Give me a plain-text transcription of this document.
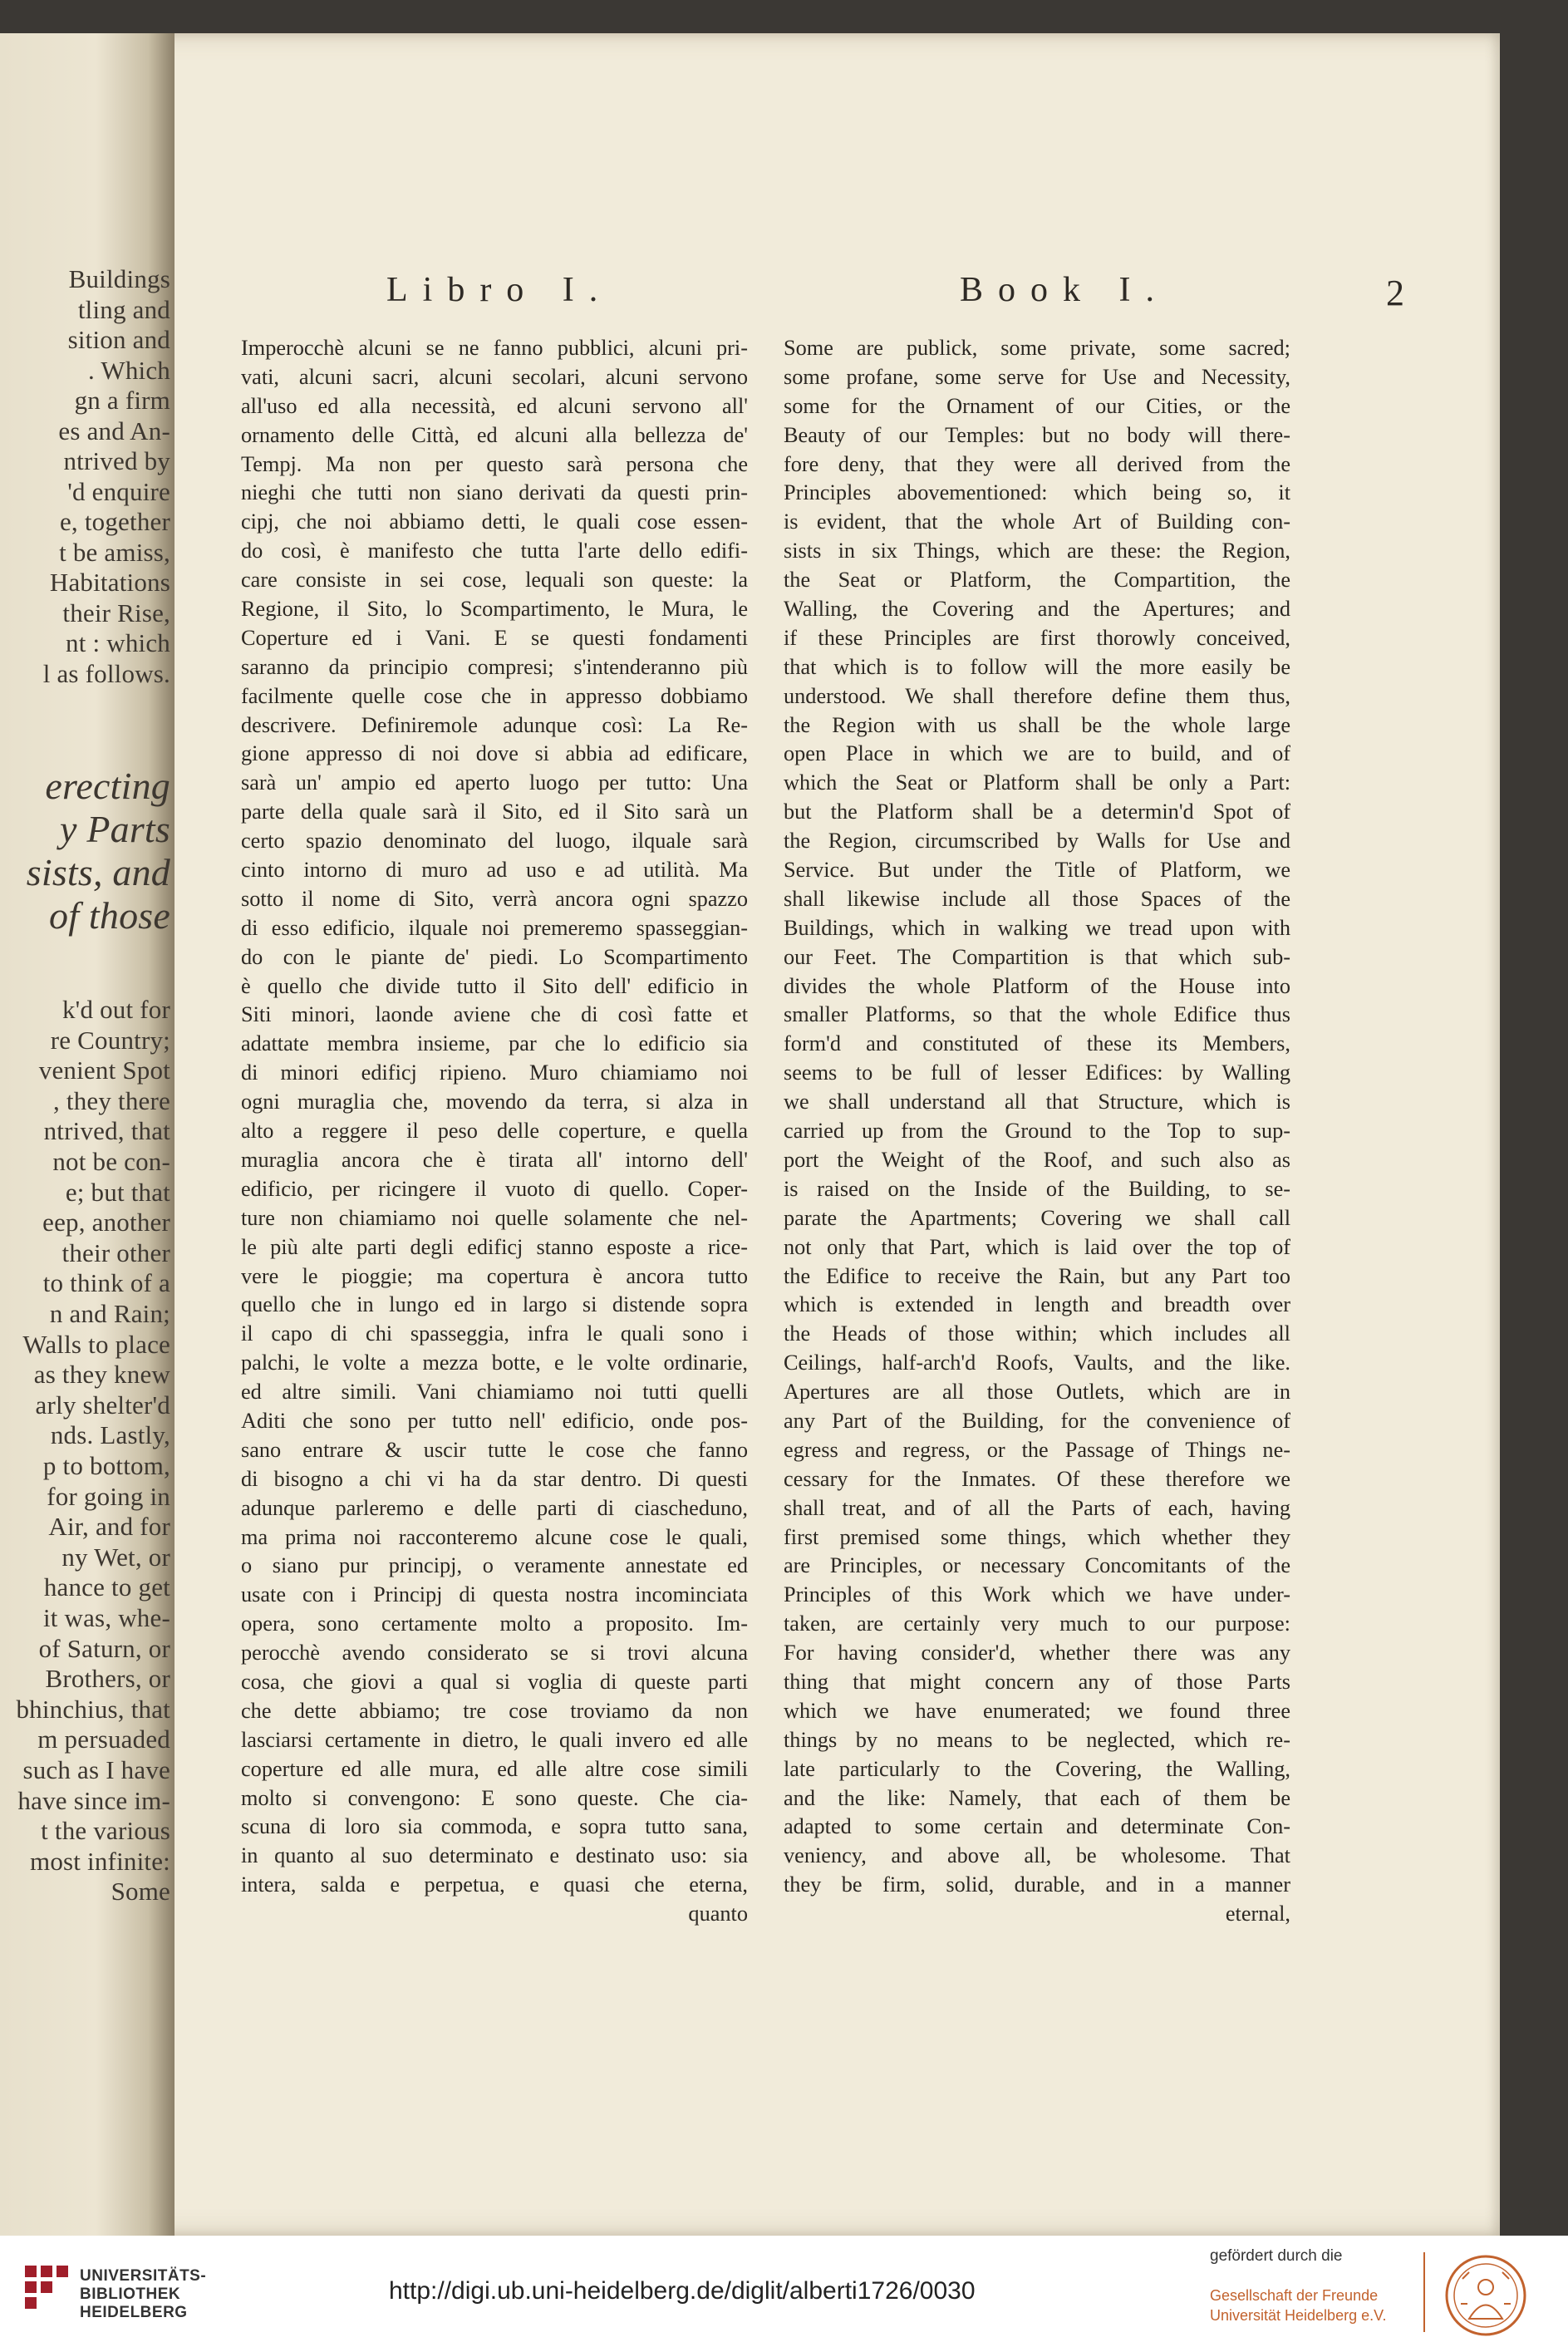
Libro I.	Book I.	2
Imperocchè alcuni se ne fanno pubblici, alcuni pri-
vati, alcuni sacri, alcuni secolari, alcuni servono
all'uso ed alla necessità, ed alcuni servono all'
ornamento delle Città, ed alcuni alla bellezza de'
Tempj. Ma non per questo sarà persona che
nieghi che tutti non siano derivati da questi prin-
cipj, che noi abbiamo detti, le quali cose essen-
do così, è manifesto che tutta l'arte dello edifi-
care consiste in sei cose, lequali son queste: la
Regione, il Sito, lo Scompartimento, le Mura, le
Coperture ed i Vani. E se questi fondamenti
saranno da principio compresi; s'intenderanno più
facilmente quelle cose che in appresso dobbiamo
descrivere. Definiremole adunque così: La Re-
gione appresso di noi dove si abbia ad edificare,
sarà un' ampio ed aperto luogo per tutto: Una
parte della quale sarà il Sito, ed il Sito sarà un
certo spazio denominato del luogo, ilquale sarà
cinto intorno di muro ad uso e ad utilità. Ma
sotto il nome di Sito, verrà ancora ogni spazzo
di esso edificio, ilquale noi premeremo spasseggian-
do con le piante de' piedi. Lo Scompartimento
è quello che divide tutto il Sito dell' edificio in
Siti minori, laonde aviene che di così fatte et
adattate membra insieme, par che lo edificio sia
di minori edificj ripieno. Muro chiamiamo noi
ogni muraglia che, movendo da terra, si alza in
alto a reggere il peso delle coperture, e quella
muraglia ancora che è tirata all' intorno dell'
edificio, per ricingere il vuoto di quello. Coper-
ture non chiamiamo noi quelle solamente che nel-
le più alte parti degli edificj stanno esposte a rice-
vere le pioggie; ma copertura è ancora tutto
quello che in lungo ed in largo si distende sopra
il capo di chi spasseggia, infra le quali sono i
palchi, le volte a mezza botte, e le volte ordinarie,
ed altre simili. Vani chiamiamo noi tutti quelli
Aditi che sono per tutto nell' edificio, onde pos-
sano entrare & uscir tutte le cose che fanno
di bisogno a chi vi ha da star dentro. Di questi
adunque parleremo e delle parti di ciascheduno,
ma prima noi racconteremo alcune cose le quali,
o siano pur principj, o veramente annestate ed
usate con i Principj di questa nostra incominciata
opera, sono certamente molto a proposito. Im-
perocchè avendo considerato se si trovi alcuna
cosa, che giovi a qual si voglia di queste parti
che dette abbiamo; tre cose troviamo da non
lasciarsi certamente in dietro, le quali invero ed alle
coperture ed alle mura, ed alle altre cose simili
molto si convengono: E sono queste. Che cia-
scuna di loro sia commoda, e sopra tutto sana,
in quanto al suo determinato e destinato uso: sia
intera, salda e perpetua, e quasi che eterna,
quanto
Some are publick, some private, some sacred;
some profane, some serve for Use and Necessity,
some for the Ornament of our Cities, or the
Beauty of our Temples: but no body will there-
fore deny, that they were all derived from the
Principles abovementioned: which being so, it
is evident, that the whole Art of Building con-
sists in six Things, which are these: the Region,
the Seat or Platform, the Compartition, the
Walling, the Covering and the Apertures; and
if these Principles are first thorowly conceived,
that which is to follow will the more easily be
understood. We shall therefore define them thus,
the Region with us shall be the whole large
open Place in which we are to build, and of
which the Seat or Platform shall be only a Part:
but the Platform shall be a determin'd Spot of
the Region, circumscribed by Walls for Use and
Service. But under the Title of Platform, we
shall likewise include all those Spaces of the
Buildings, which in walking we tread upon with
our Feet. The Compartition is that which sub-
divides the whole Platform of the House into
smaller Platforms, so that the whole Edifice thus
form'd and constituted of these its Members,
seems to be full of lesser Edifices: by Walling
we shall understand all that Structure, which is
carried up from the Ground to the Top to sup-
port the Weight of the Roof, and such also as
is raised on the Inside of the Building, to se-
parate the Apartments; Covering we shall call
not only that Part, which is laid over the top of
the Edifice to receive the Rain, but any Part too
which is extended in length and breadth over
the Heads of those within; which includes all
Ceilings, half-arch'd Roofs, Vaults, and the like.
Apertures are all those Outlets, which are in
any Part of the Building, for the convenience of
egress and regress, or the Passage of Things ne-
cessary for the Inmates. Of these therefore we
shall treat, and of all the Parts of each, having
first premised some things, which whether they
are Principles, or necessary Concomitants of the
Principles of this Work which we have under-
taken, are certainly very much to our purpose:
For having consider'd, whether there was any
thing that might concern any of those Parts
which we have enumerated; we found three
things by no means to be neglected, which re-
late particularly to the Covering, the Walling,
and the like: Namely, that each of them be
adapted to some certain and determinate Con-
veniency, and above all, be wholesome. That
they be firm, solid, durable, and in a manner
eternal,
Buildings
tling and
sition and
. Which
gn a firm
es and An-
ntrived by
'd enquire
e, together
t be amiss,
Habitations
their Rise,
nt : which
l as follows.
erecting
y Parts
sists, and
of those
k'd out for
re Country;
venient Spot
, they there
ntrived, that
not be con-
e; but that
eep, another
their other
to think of a
n and Rain;
Walls to place
as they knew
arly shelter'd
nds. Lastly,
p to bottom,
for going in
Air, and for
ny Wet, or
hance to get
it was, whe-
of Saturn, or
Brothers, or
bhinchius, that
m persuaded
such as I have
have since im-
t the various
most infinite:
Some
UNIVERSITÄTS-
BIBLIOTHEK
HEIDELBERG
http://digi.ub.uni-heidelberg.de/diglit/alberti1726/0030
gefördert durch die
Gesellschaft der Freunde
Universität Heidelberg e.V.
